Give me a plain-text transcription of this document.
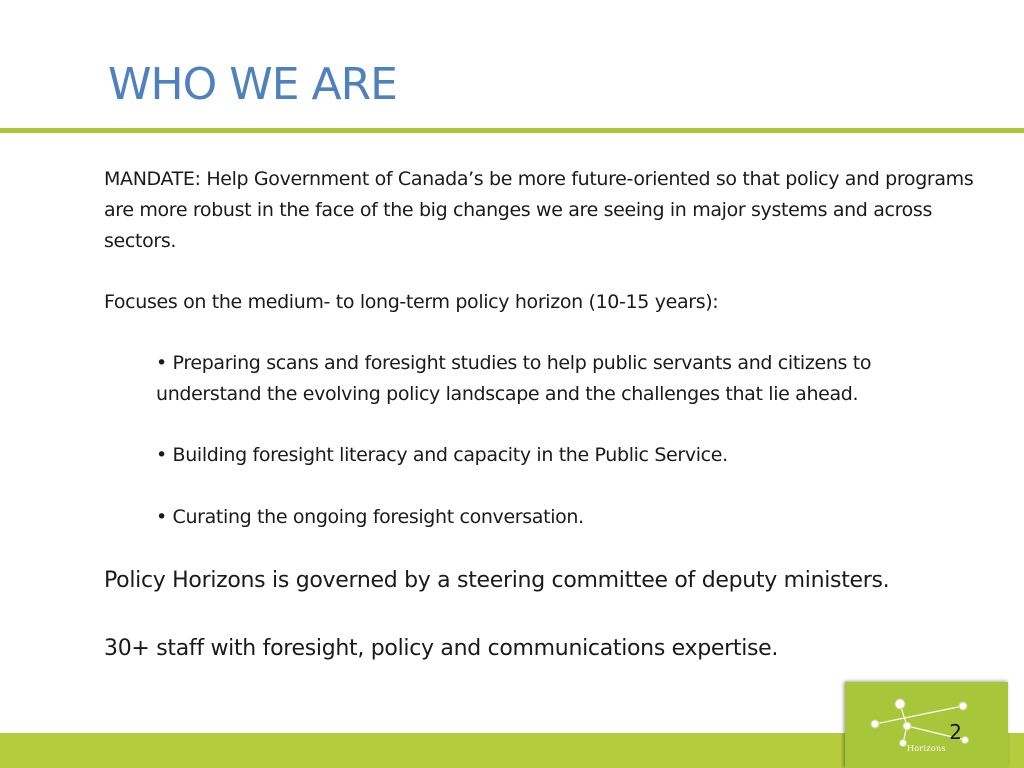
WHO WE ARE

MANDATE: Help Government of Canada’s be more future-oriented so that policy and programs are more robust in the face of the big changes we are seeing in major systems and across sectors.

Focuses on the medium- to long-term policy horizon (10-15 years):

• Preparing scans and foresight studies to help public servants and citizens to understand the evolving policy landscape and the challenges that lie ahead.

• Building foresight literacy and capacity in the Public Service.

• Curating the ongoing foresight conversation.

Policy Horizons is governed by a steering committee of deputy ministers.

30+ staff with foresight, policy and communications expertise.

2
Horizons
